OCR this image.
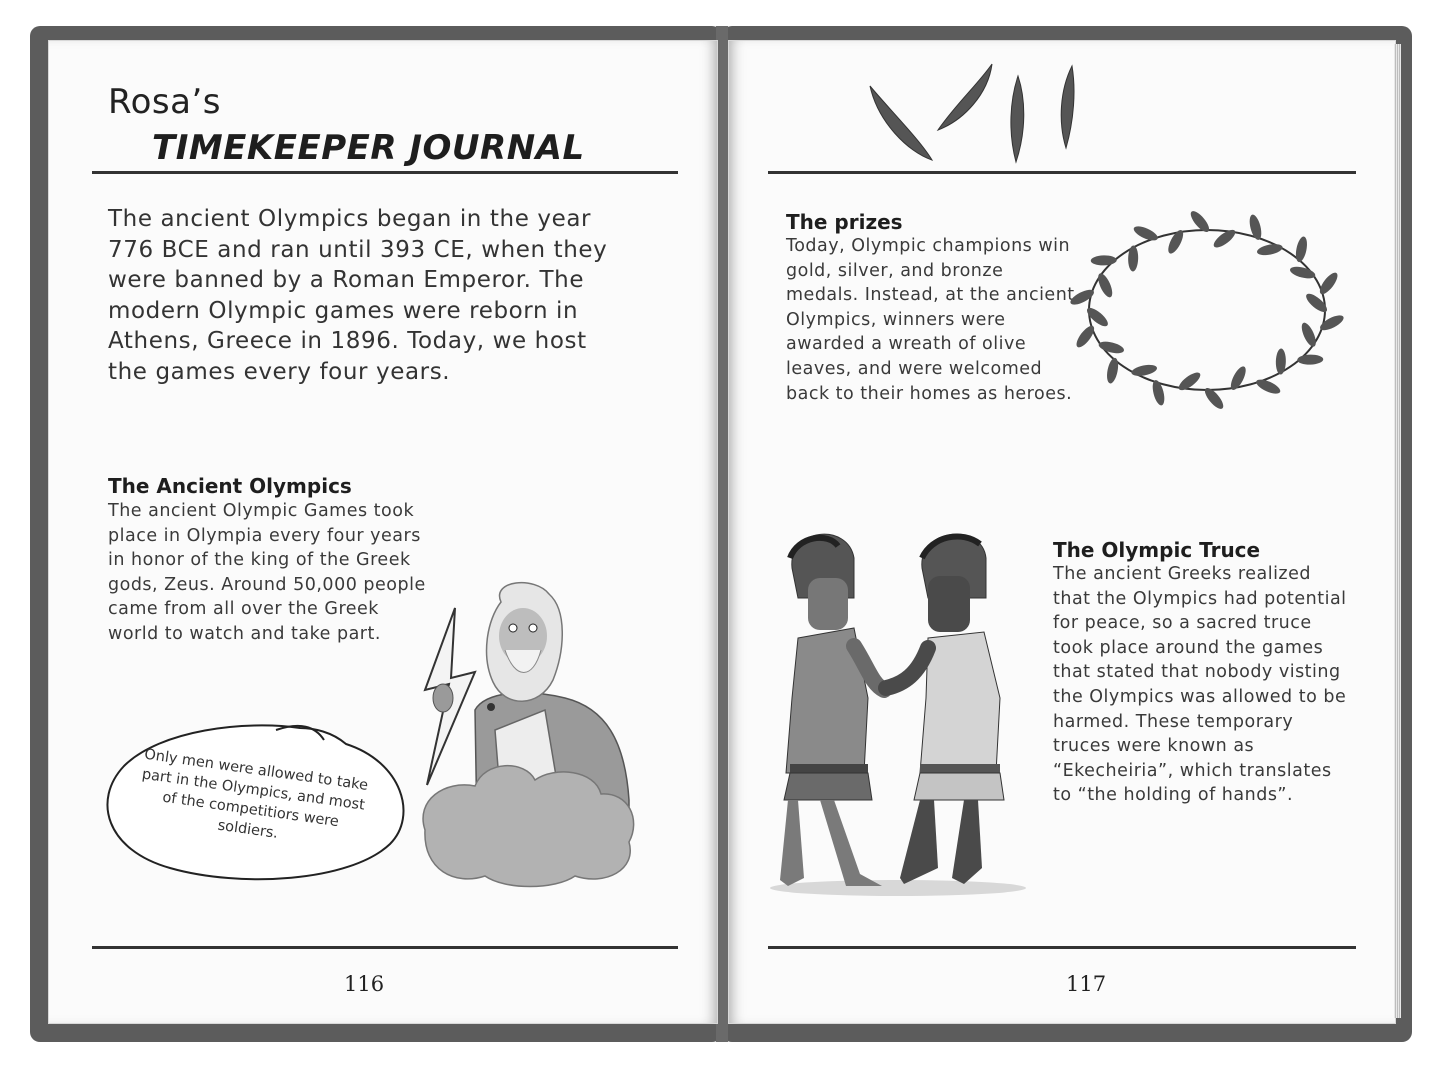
Rosa’s
TIMEKEEPER JOURNAL

The ancient Olympics began in the year 776 BCE and ran until 393 CE, when they were banned by a Roman Emperor. The modern Olympic games were reborn in Athens, Greece in 1896. Today, we host the games every four years.

The Ancient Olympics

The ancient Olympic Games took place in Olympia every four years in honor of the king of the Greek gods, Zeus. Around 50,000 people came from all over the Greek world to watch and take part.

Only men were allowed to take part in the Olympics, and most of the competitiors were soldiers.

116

The prizes

Today, Olympic champions win gold, silver, and bronze medals. Instead, at the ancient Olympics, winners were awarded a wreath of olive leaves, and were welcomed back to their homes as heroes.

The Olympic Truce

The ancient Greeks realized that the Olympics had potential for peace, so a sacred truce took place around the games that stated that nobody visting the Olympics was allowed to be harmed. These temporary truces were known as “Ekecheiria”, which translates to “the holding of hands”.

117
